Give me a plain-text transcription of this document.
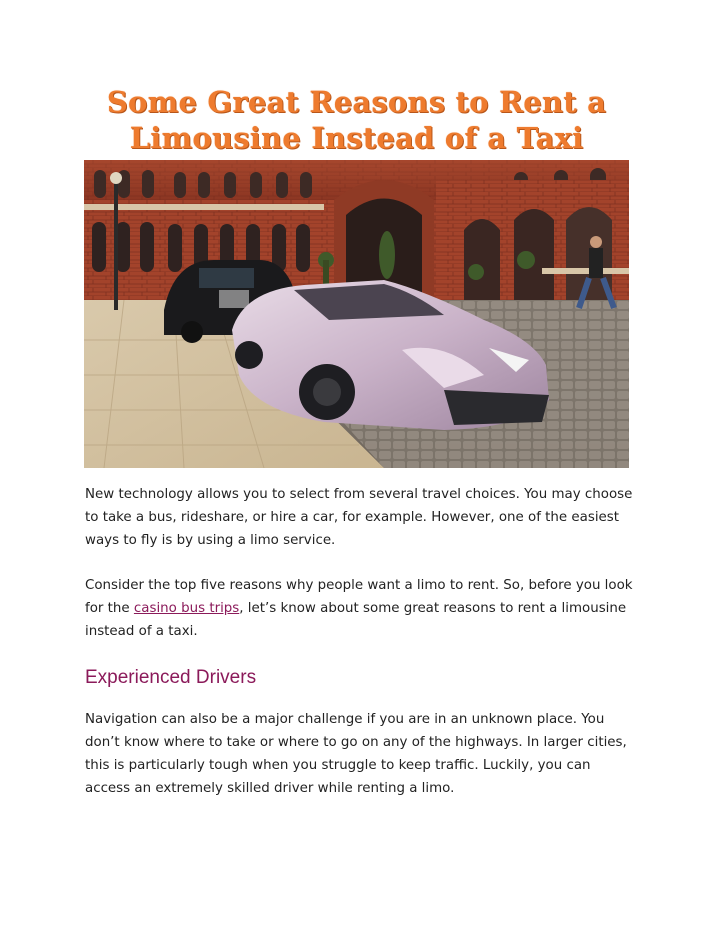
Some Great Reasons to Rent a Limousine Instead of a Taxi

New technology allows you to select from several travel choices. You may choose to take a bus, rideshare, or hire a car, for example. However, one of the easiest ways to fly is by using a limo service.

Consider the top five reasons why people want a limo to rent. So, before you look for the casino bus trips, let’s know about some great reasons to rent a limousine instead of a taxi.

Experienced Drivers

Navigation can also be a major challenge if you are in an unknown place. You don’t know where to take or where to go on any of the highways. In larger cities, this is particularly tough when you struggle to keep traffic. Luckily, you can access an extremely skilled driver while renting a limo.
